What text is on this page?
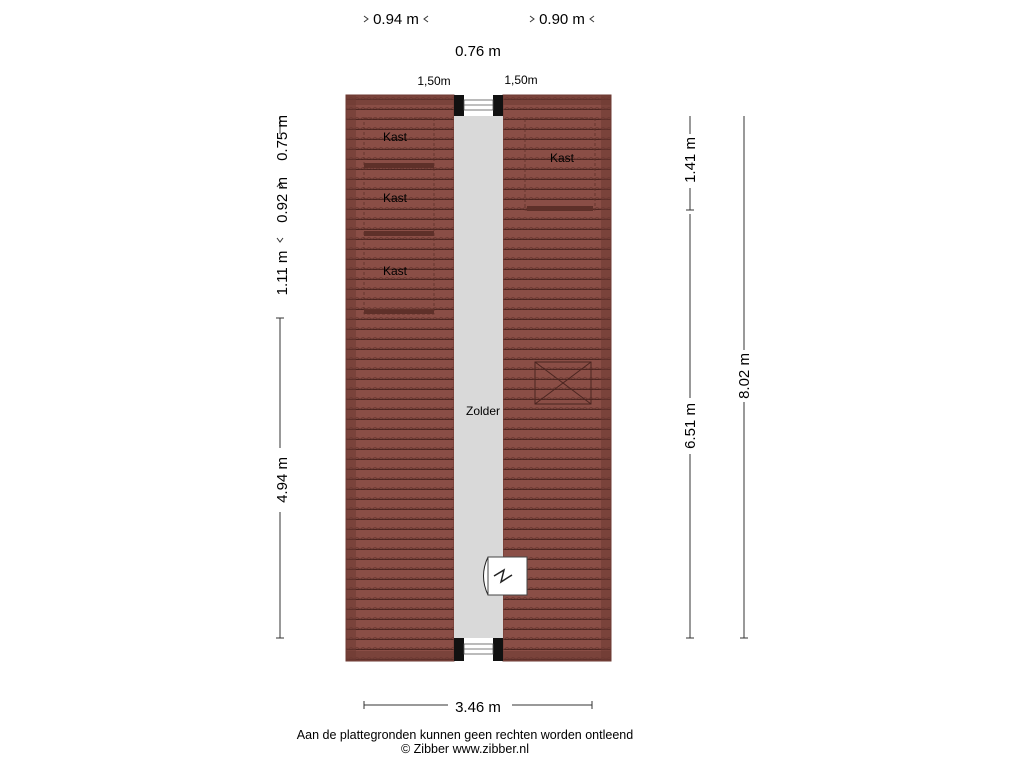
0.94 m	0.90 m
0.76 m
1,50m	1,50m
0.75 m
0.92 m
1.11 m
4.94 m
1.41 m
6.51 m
8.02 m
3.46 m
Kast
Kast
Kast
Kast
Zolder
Aan de plattegronden kunnen geen rechten worden ontleend
© Zibber www.zibber.nl
